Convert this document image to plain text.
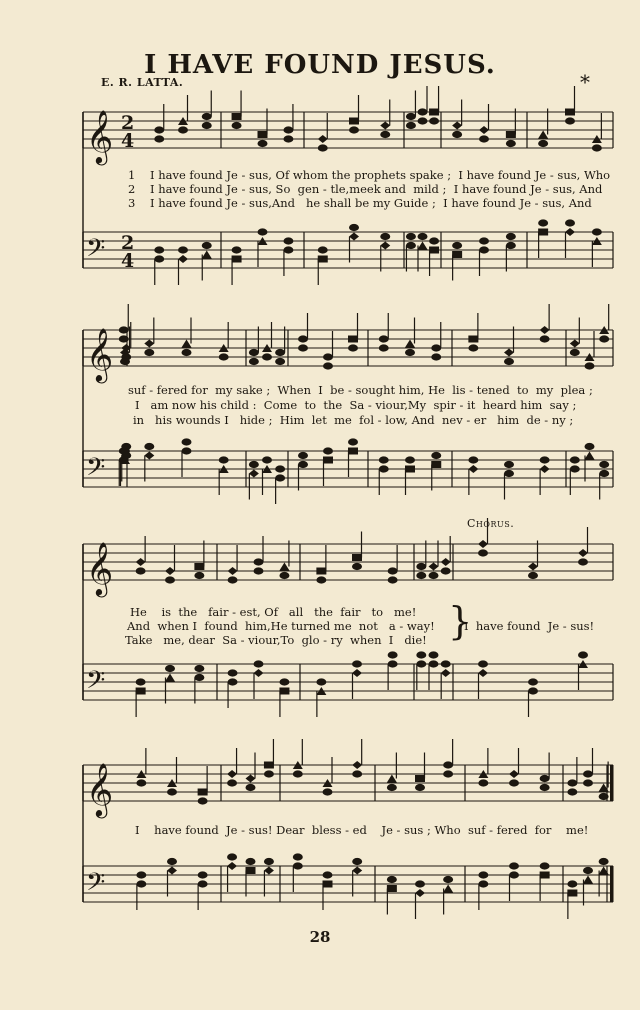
I HAVE FOUND JESUS.
E. R. LATTA.	*
𝄞 2
4
𝄢 2
4
𝄞
𝄢
𝄞
𝄢
𝄞
𝄢
1
2
3
I have found Je - sus, Of whom the prophets spake ;  I have found Je - sus, Who
I have found Je - sus, So  gen - tle,meek and  mild ;  I have found Je - sus, And
I have found Je - sus,And   he shall be my Guide ;  I have found Je - sus, And
suf - fered for  my sake ;  When  I  be - sought him, He  lis - tened  to  my  plea ;
I   am now his child :  Come  to  the  Sa - viour,My  spir - it  heard him  say ;
in   his wounds I   hide ;  Him  let  me  fol - low, And  nev - er   him  de - ny ;
Chorus.
He    is  the   fair - est, Of   all   the  fair   to   me!
And  when I  found  him,He turned me  not   a - way!
Take   me, dear  Sa - viour,To  glo - ry  when  I   die! }
I  have found  Je - sus!
I    have found  Je - sus! Dear  bless - ed    Je - sus ; Who  suf - fered  for    me!
28
